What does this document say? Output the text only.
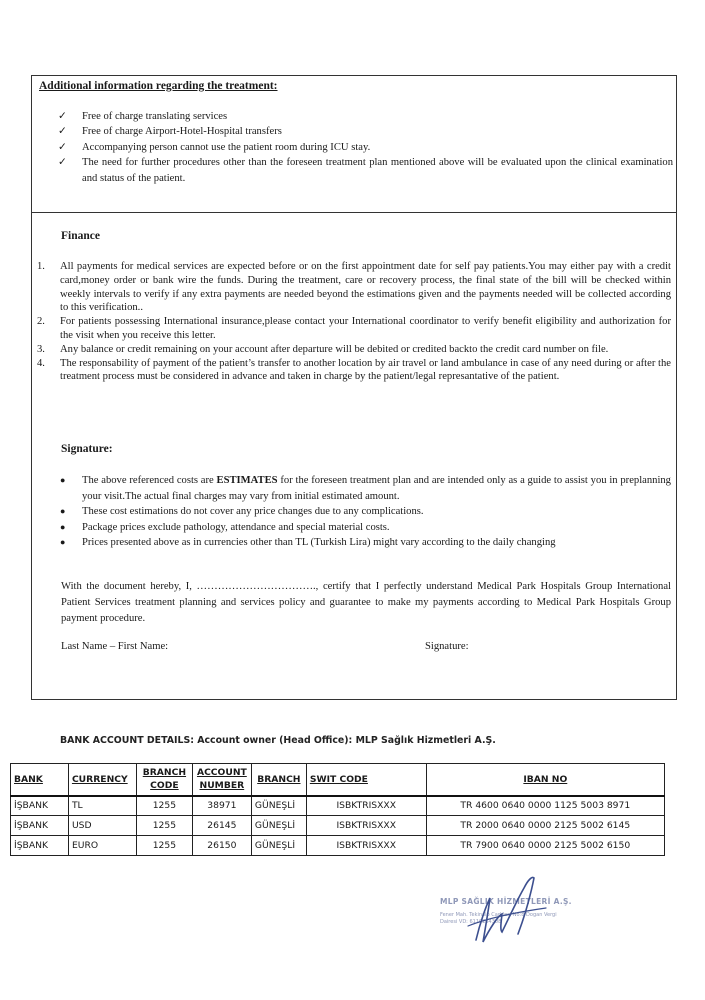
Additional information regarding the treatment:
✓	Free of charge translating services
✓	Free of charge Airport-Hotel-Hospital transfers
✓	Accompanying person cannot use the patient room during ICU stay.
✓	The need for further procedures other than the foreseen treatment plan mentioned above will be evaluated upon the clinical examination and status of the patient.
Finance
1.	All payments for medical services are expected before or on the first appointment date for self pay patients.You may either pay with a credit card,money order or bank wire the funds. During the treatment, care or recovery process, the final state of the bill will be checked within weekly intervals to verify if any extra payments are needed beyond the estimations given and the payments needed will be collected according to this verification..
2.	For patients possessing International insurance,please contact your International coordinator to verify benefit eligibility and authorization for the visit when you receive this letter.
3.	Any balance or credit remaining on your account after departure will be debited or credited backto the credit card number on file.
4.	The responsability of payment of the patient’s transfer to another location by air travel or land ambulance in case of any need during or after the treatment process must be considered in advance and taken in charge by the patient/legal represantative of the patient.
Signature:
●	The above referenced costs are ESTIMATES for the foreseen treatment plan and are intended only as a guide to assist you in preplanning your visit.The actual final charges may vary from initial estimated amount.
●	These cost estimations do not cover any price changes due to any complications.
●	Package prices exclude pathology, attendance and special material costs.
●	Prices presented above as in currencies other than TL (Turkish Lira) might vary according to the daily changing
With the document hereby, I, ……………………………., certify that I perfectly understand Medical Park Hospitals Group International Patient Services treatment planning and services policy and guarantee to make my payments according to Medical Park Hospitals Group payment procedure.
Last Name – First Name:	Signature:
BANK ACCOUNT DETAILS: Account owner (Head Office): MLP Sağlık Hizmetleri A.Ş.
BANK	CURRENCY	BRANCH CODE	ACCOUNT NUMBER	BRANCH	SWIT CODE	IBAN NO
İŞBANK	TL	1255	38971	GÜNEŞLİ	ISBKTRISXXX	TR 4600 0640 0000 1125 5003 8971
İŞBANK	USD	1255	26145	GÜNEŞLİ	ISBKTRISXXX	TR 2000 0640 0000 2125 5002 6145
İŞBANK	EURO	1255	26150	GÜNEŞLİ	ISBKTRISXXX	TR 7900 0640 0000 2125 5002 6150
MLP SAĞLIK HİZMETLERİ A.Ş.
Fener Mah. Tekinalp Caddesi No:8 Dogan Vergi Dairesi VD: 6110264308
